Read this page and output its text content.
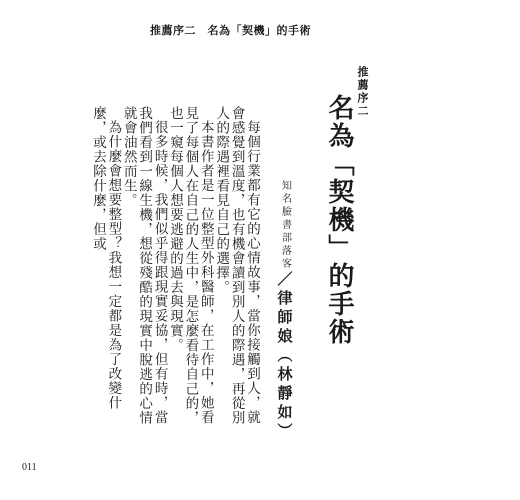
推薦序二　名為「契機」的手術
推薦序二
名為「契機」的手術
知名臉書部落客／律師娘（林靜如）

每個行業都有它的心情故事，當你接觸到人，就會感覺到溫度，也有機會讀到別人的際遇，再從別人的際遇裡看見自己的選擇。

本書作者是一位整型外科醫師，在工作中，她看見了每個人在自己的人生中，是怎麼看待自己的，也一窺每個人想要逃避的過去與現實。

很多時候，我們似乎得跟現實妥協，但有時，當我們看到一線生機，想從殘酷的現實中脫逃的心情就會油然而生。

為什麼會想要整型？我想一定都是為了改變什麼，或去除什麼，但或

011
